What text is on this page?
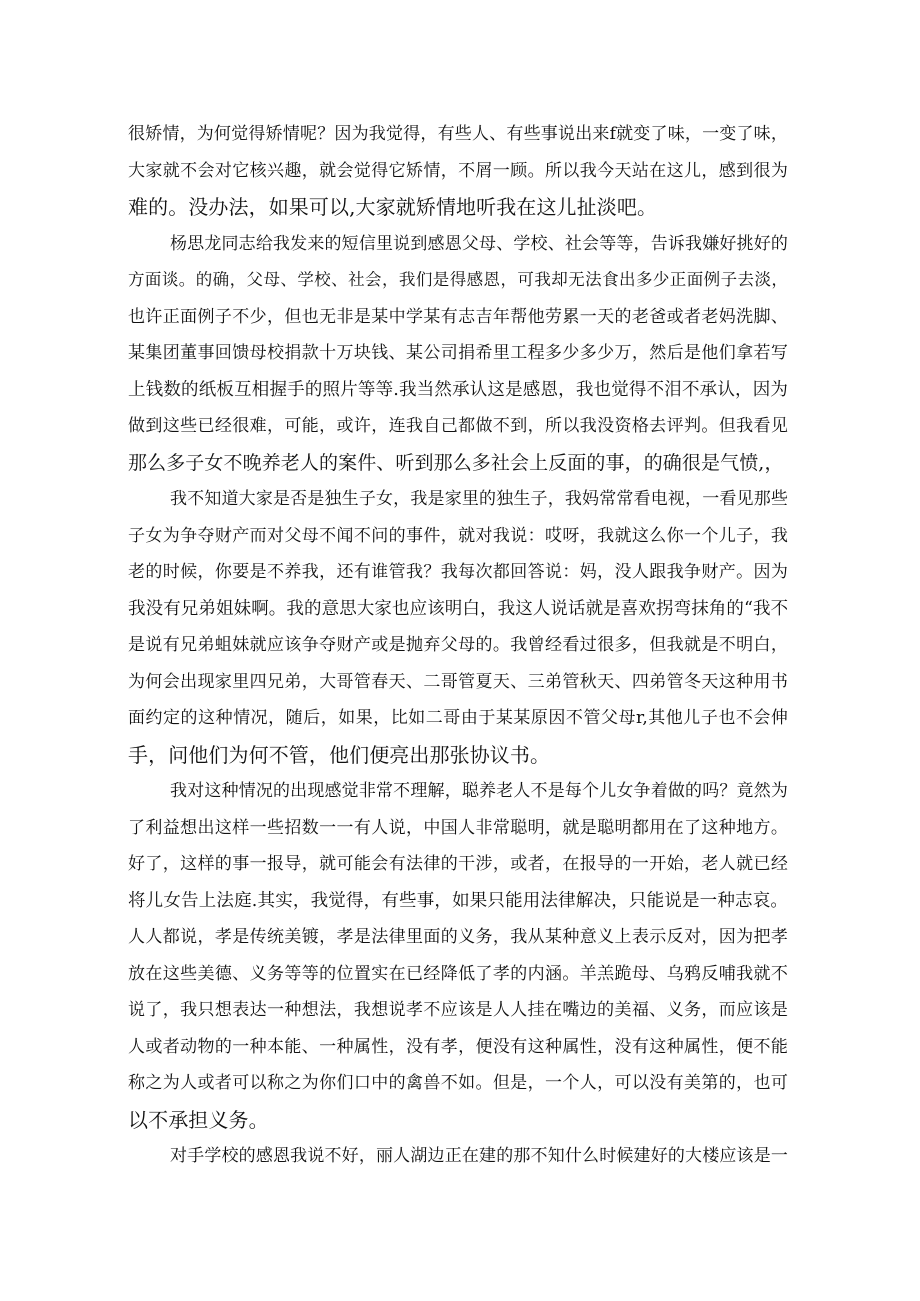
很矫情，为何觉得矫情呢？因为我觉得，有些人、有些事说出来f就变了味，一变了味，
大家就不会对它核兴趣，就会觉得它矫情，不屑一顾。所以我今天站在这儿，感到很为
难的。没办法，如果可以,大家就矫情地听我在这儿扯淡吧。
杨思龙同志给我发来的短信里说到感恩父母、学校、社会等等，告诉我嫌好挑好的
方面谈。的确，父母、学校、社会，我们是得感恩，可我却无法食出多少正面例子去淡，
也许正面例子不少，但也无非是某中学某有志吉年帮他劳累一天的老爸或者老妈洗脚、
某集团董事回馈母校捐款十万块钱、某公司捐希里工程多少多少万，然后是他们拿若写
上钱数的纸板互相握手的照片等等.我当然承认这是感恩，我也觉得不泪不承认，因为
做到这些已经很难，可能，或许，连我自己都做不到，所以我没资格去评判。但我看见
那么多子女不晚养老人的案件、听到那么多社会上反面的事，的确很是气愤,，
我不知道大家是否是独生子女，我是家里的独生子，我妈常常看电视，一看见那些
子女为争夺财产而对父母不闻不问的事件，就对我说：哎呀，我就这么你一个儿子，我
老的时候，你要是不养我，还有谁管我？我每次都回答说：妈，没人跟我争财产。因为
我没有兄弟姐妹啊。我的意思大家也应该明白，我这人说话就是喜欢拐弯抹角的“我不
是说有兄弟蛆妹就应该争夺财产或是抛弃父母的。我曾经看过很多，但我就是不明白，
为何会出现家里四兄弟，大哥管春天、二哥管夏天、三弟管秋天、四弟管冬天这种用书
面约定的这种情况，随后，如果，比如二哥由于某某原因不管父母r,其他儿子也不会伸
手，问他们为何不管，他们便亮出那张协议书。
我对这种情况的出现感觉非常不理解，聪养老人不是每个儿女争着做的吗？竟然为
了利益想出这样一些招数一一有人说，中国人非常聪明，就是聪明都用在了这种地方。
好了，这样的事一报导，就可能会有法律的干涉，或者，在报导的一开始，老人就已经
将儿女告上法庭.其实，我觉得，有些事，如果只能用法律解决，只能说是一种志哀。
人人都说，孝是传统美镀，孝是法律里面的义务，我从某种意义上表示反对，因为把孝
放在这些美德、义务等等的位置实在已经降低了孝的内涵。羊羔跪母、乌鸦反哺我就不
说了，我只想表达一种想法，我想说孝不应该是人人挂在嘴边的美福、义务，而应该是
人或者动物的一种本能、一种属性，没有孝，便没有这种属性，没有这种属性，便不能
称之为人或者可以称之为你们口中的禽兽不如。但是，一个人，可以没有美第的，也可
以不承担义务。
对手学校的感恩我说不好，丽人湖边正在建的那不知什么时候建好的大楼应该是一
